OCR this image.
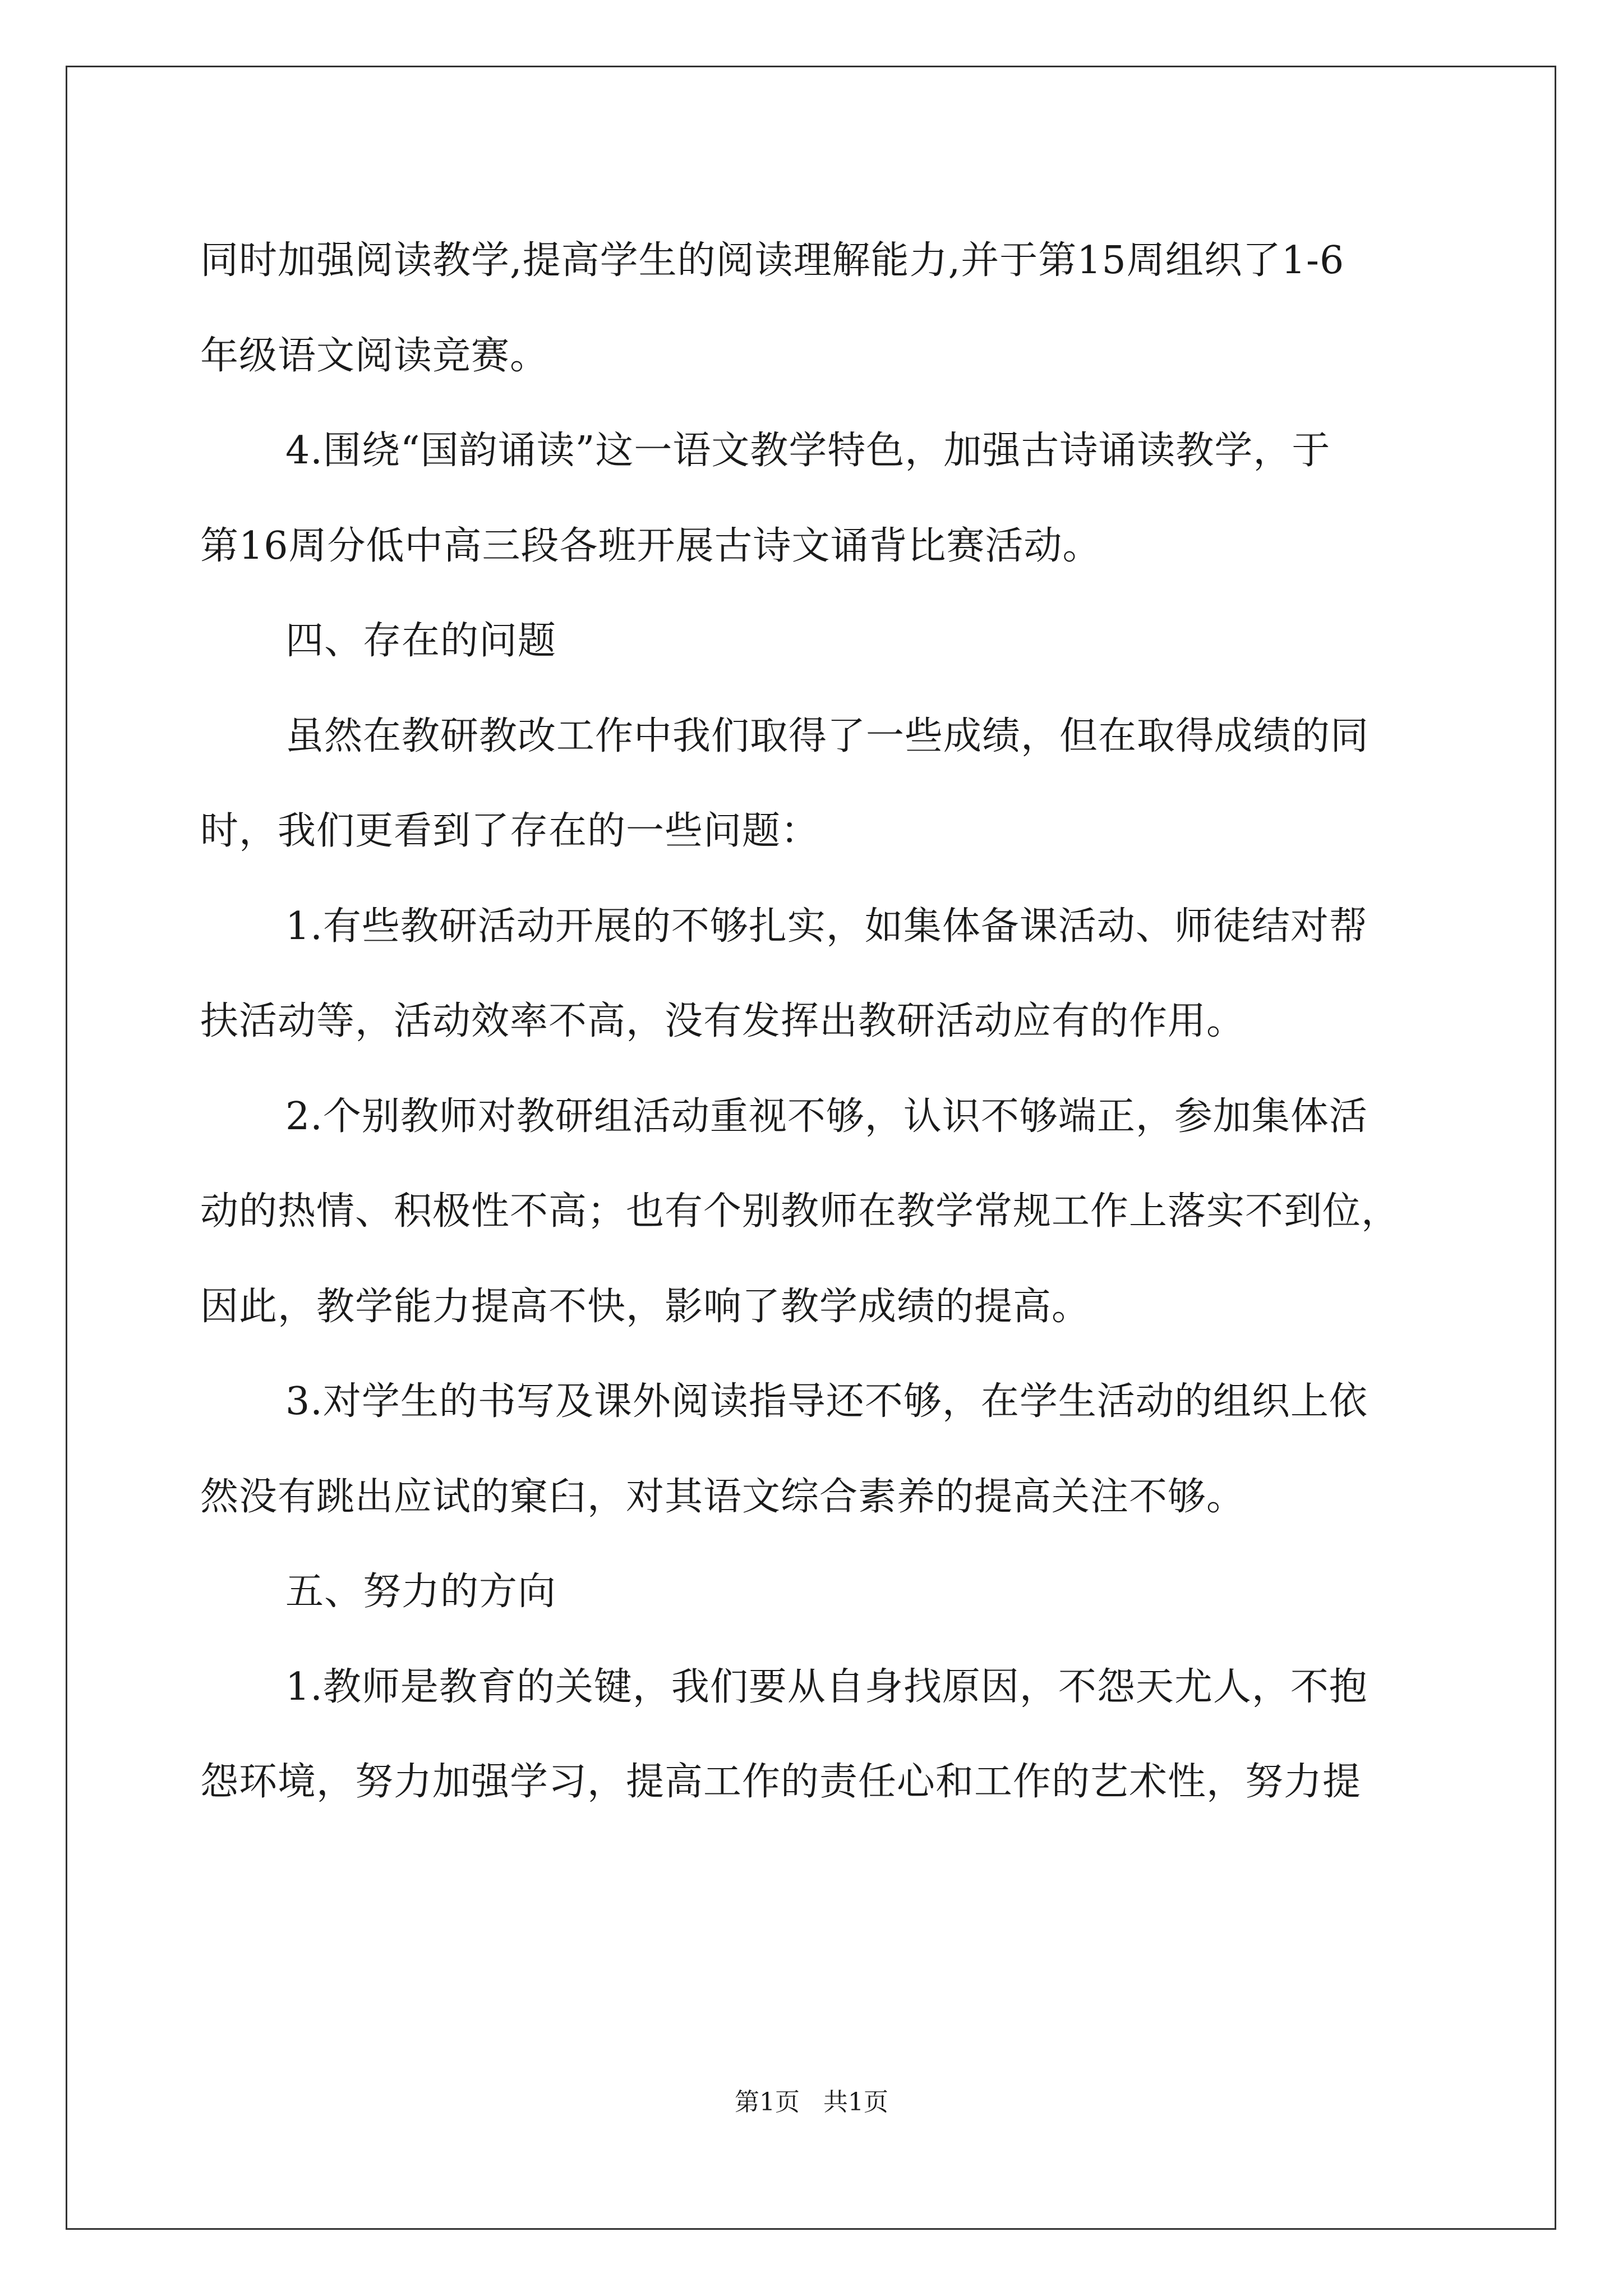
同时加强阅读教学,提高学生的阅读理解能力,并于第15周组织了1-6
年级语文阅读竞赛。
4.围绕“国韵诵读”这一语文教学特色，加强古诗诵读教学，于
第16周分低中高三段各班开展古诗文诵背比赛活动。
四、存在的问题
虽然在教研教改工作中我们取得了一些成绩，但在取得成绩的同
时，我们更看到了存在的一些问题：
1.有些教研活动开展的不够扎实，如集体备课活动、师徒结对帮
扶活动等，活动效率不高，没有发挥出教研活动应有的作用。
2.个别教师对教研组活动重视不够，认识不够端正，参加集体活
动的热情、积极性不高；也有个别教师在教学常规工作上落实不到位，
因此，教学能力提高不快，影响了教学成绩的提高。
3.对学生的书写及课外阅读指导还不够，在学生活动的组织上依
然没有跳出应试的窠臼，对其语文综合素养的提高关注不够。
五、努力的方向
1.教师是教育的关键，我们要从自身找原因，不怨天尤人，不抱
怨环境，努力加强学习，提高工作的责任心和工作的艺术性，努力提
第1页   共1页
